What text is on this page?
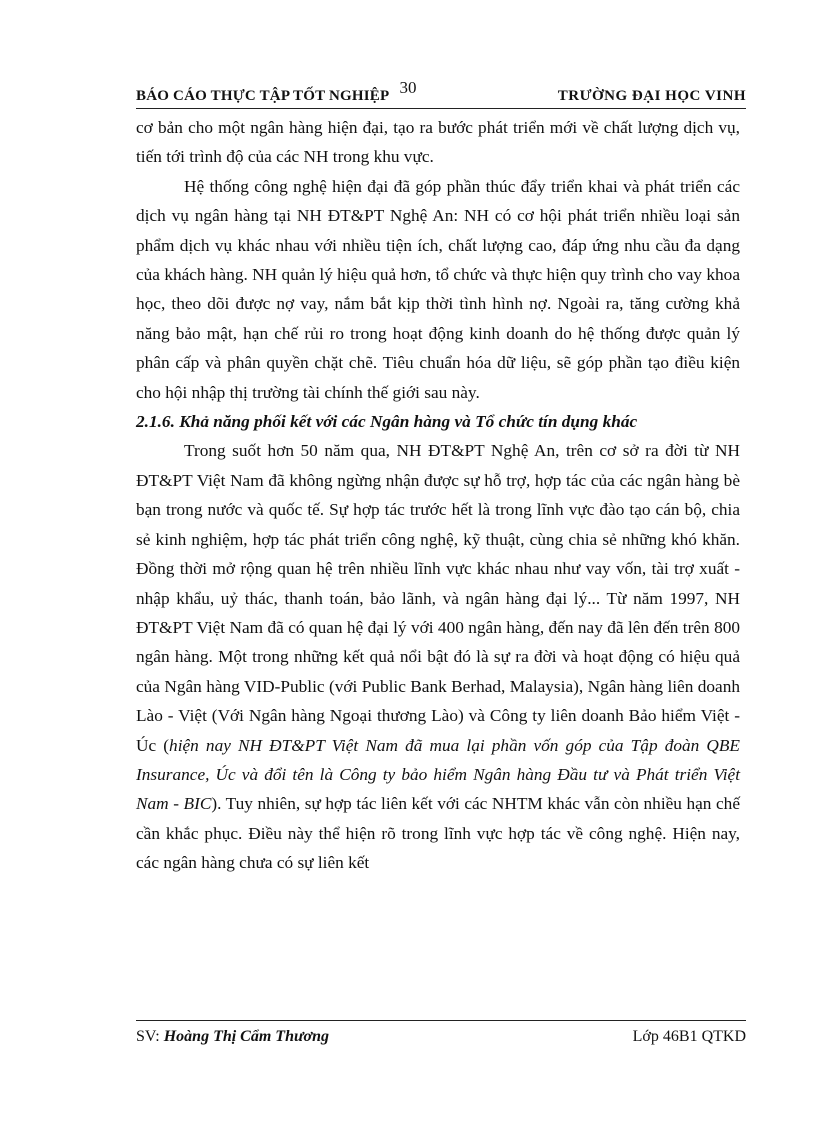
30
BÁO CÁO THỰC TẬP TỐT NGHIỆP	TRƯỜNG ĐẠI HỌC VINH

cơ bản cho một ngân hàng hiện đại, tạo ra bước phát triển mới về chất lượng dịch vụ, tiến tới trình độ của các NH trong khu vực.

Hệ thống công nghệ hiện đại đã góp phần thúc đẩy triển khai và phát triển các dịch vụ ngân hàng tại NH ĐT&PT Nghệ An: NH có cơ hội phát triển nhiều loại sản phẩm dịch vụ khác nhau với nhiều tiện ích, chất lượng cao, đáp ứng nhu cầu đa dạng của khách hàng. NH quản lý hiệu quả hơn, tổ chức và thực hiện quy trình cho vay khoa học, theo dõi được nợ vay, nắm bắt kịp thời tình hình nợ. Ngoài ra, tăng cường khả năng bảo mật, hạn chế rủi ro trong hoạt động kinh doanh do hệ thống được quản lý phân cấp và phân quyền chặt chẽ. Tiêu chuẩn hóa dữ liệu, sẽ góp phần tạo điều kiện cho hội nhập thị trường tài chính thế giới sau này.

2.1.6. Khả năng phối kết với các Ngân hàng và Tổ chức tín dụng khác

Trong suốt hơn 50 năm qua, NH ĐT&PT Nghệ An, trên cơ sở ra đời từ NH ĐT&PT Việt Nam đã không ngừng nhận được sự hỗ trợ, hợp tác của các ngân hàng bè bạn trong nước và quốc tế. Sự hợp tác trước hết là trong lĩnh vực đào tạo cán bộ, chia sẻ kinh nghiệm, hợp tác phát triển công nghệ, kỹ thuật, cùng chia sẻ những khó khăn. Đồng thời mở rộng quan hệ trên nhiều lĩnh vực khác nhau như vay vốn, tài trợ xuất - nhập khẩu, uỷ thác, thanh toán, bảo lãnh, và ngân hàng đại lý... Từ năm 1997, NH ĐT&PT Việt Nam đã có quan hệ đại lý với 400 ngân hàng, đến nay đã lên đến trên 800 ngân hàng. Một trong những kết quả nổi bật đó là sự ra đời và hoạt động có hiệu quả của Ngân hàng VID-Public (với Public Bank Berhad, Malaysia), Ngân hàng liên doanh Lào - Việt (Với Ngân hàng Ngoại thương Lào) và Công ty liên doanh Bảo hiểm Việt - Úc (hiện nay NH ĐT&PT Việt Nam đã mua lại phần vốn góp của Tập đoàn QBE Insurance, Úc và đổi tên là Công ty bảo hiểm Ngân hàng Đầu tư và Phát triển Việt Nam - BIC). Tuy nhiên, sự hợp tác liên kết với các NHTM khác vẫn còn nhiều hạn chế cần khắc phục. Điều này thể hiện rõ trong lĩnh vực hợp tác về công nghệ. Hiện nay, các ngân hàng chưa có sự liên kết

SV: Hoàng Thị Cẩm Thương	Lớp 46B1 QTKD
